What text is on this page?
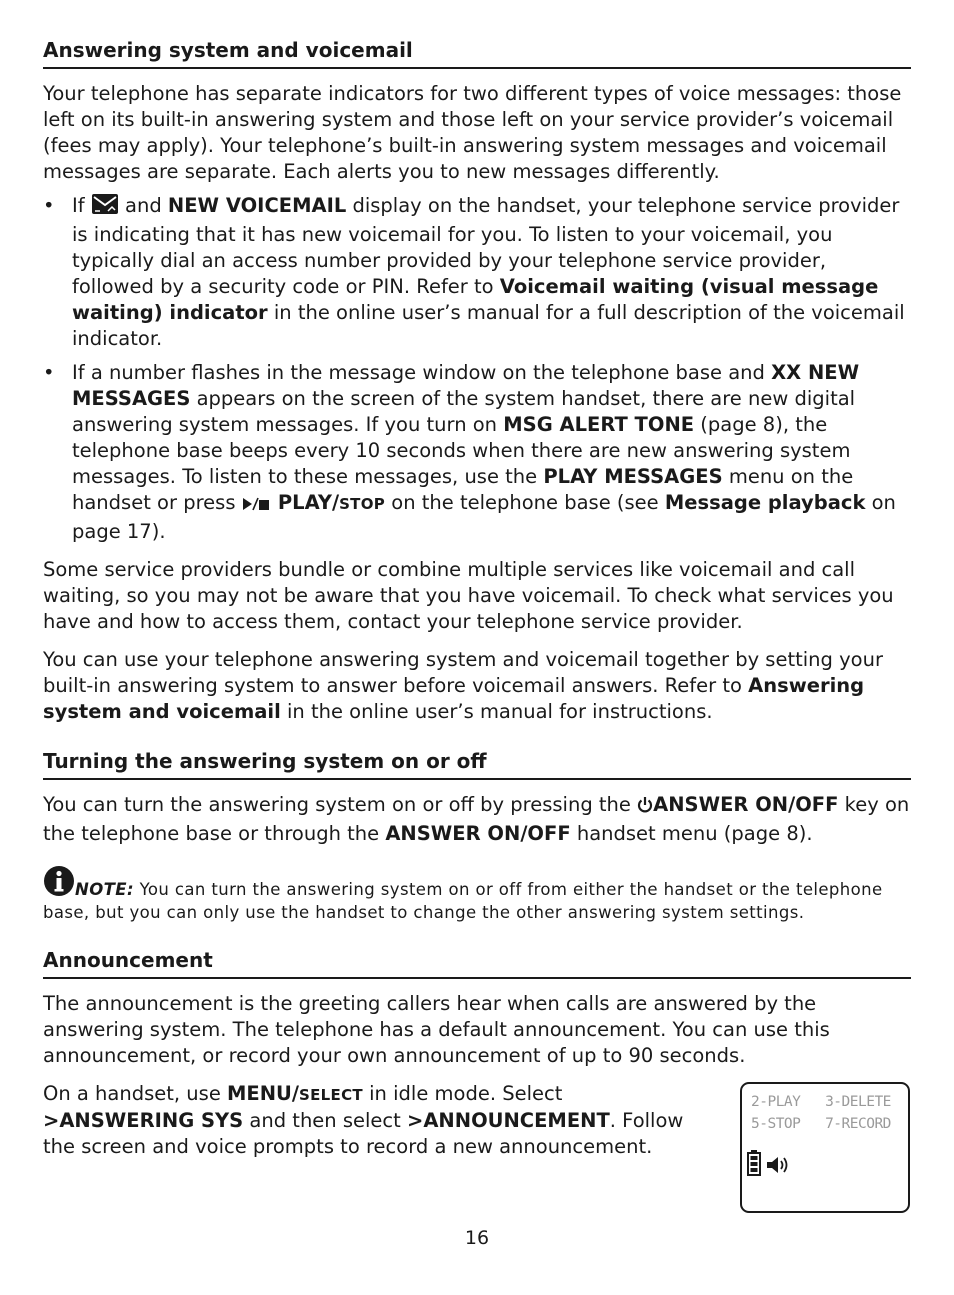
Answering system and voicemail

Your telephone has separate indicators for two different types of voice messages: those left on its built-in answering system and those left on your service provider’s voicemail (fees may apply). Your telephone’s built-in answering system messages and voicemail messages are separate. Each alerts you to new messages differently.

• If  and NEW VOICEMAIL display on the handset, your telephone service provider is indicating that it has new voicemail for you. To listen to your voicemail, you typically dial an access number provided by your telephone service provider, followed by a security code or PIN. Refer to Voicemail waiting (visual message waiting) indicator in the online user’s manual for a full description of the voicemail indicator.
• If a number flashes in the message window on the telephone base and XX NEW MESSAGES appears on the screen of the system handset, there are new digital answering system messages. If you turn on MSG ALERT TONE (page 8), the telephone base beeps every 10 seconds when there are new answering system messages. To listen to these messages, use the PLAY MESSAGES menu on the handset or press  PLAY/STOP on the telephone base (see Message playback on page 17).

Some service providers bundle or combine multiple services like voicemail and call waiting, so you may not be aware that you have voicemail. To check what services you have and how to access them, contact your telephone service provider.

You can use your telephone answering system and voicemail together by setting your built-in answering system to answer before voicemail answers. Refer to Answering system and voicemail in the online user’s manual for instructions.

Turning the answering system on or off

You can turn the answering system on or off by pressing the ANSWER ON/OFF key on the telephone base or through the ANSWER ON/OFF handset menu (page 8).

NOTE: You can turn the answering system on or off from either the handset or the telephone base, but you can only use the handset to change the other answering system settings.

Announcement

The announcement is the greeting callers hear when calls are answered by the answering system. The telephone has a default announcement. You can use this announcement, or record your own announcement of up to 90 seconds.

On a handset, use MENU/SELECT in idle mode. Select >ANSWERING SYS and then select >ANNOUNCEMENT. Follow the screen and voice prompts to record a new announcement.

2-PLAY   3-DELETE
5-STOP   7-RECORD

16
